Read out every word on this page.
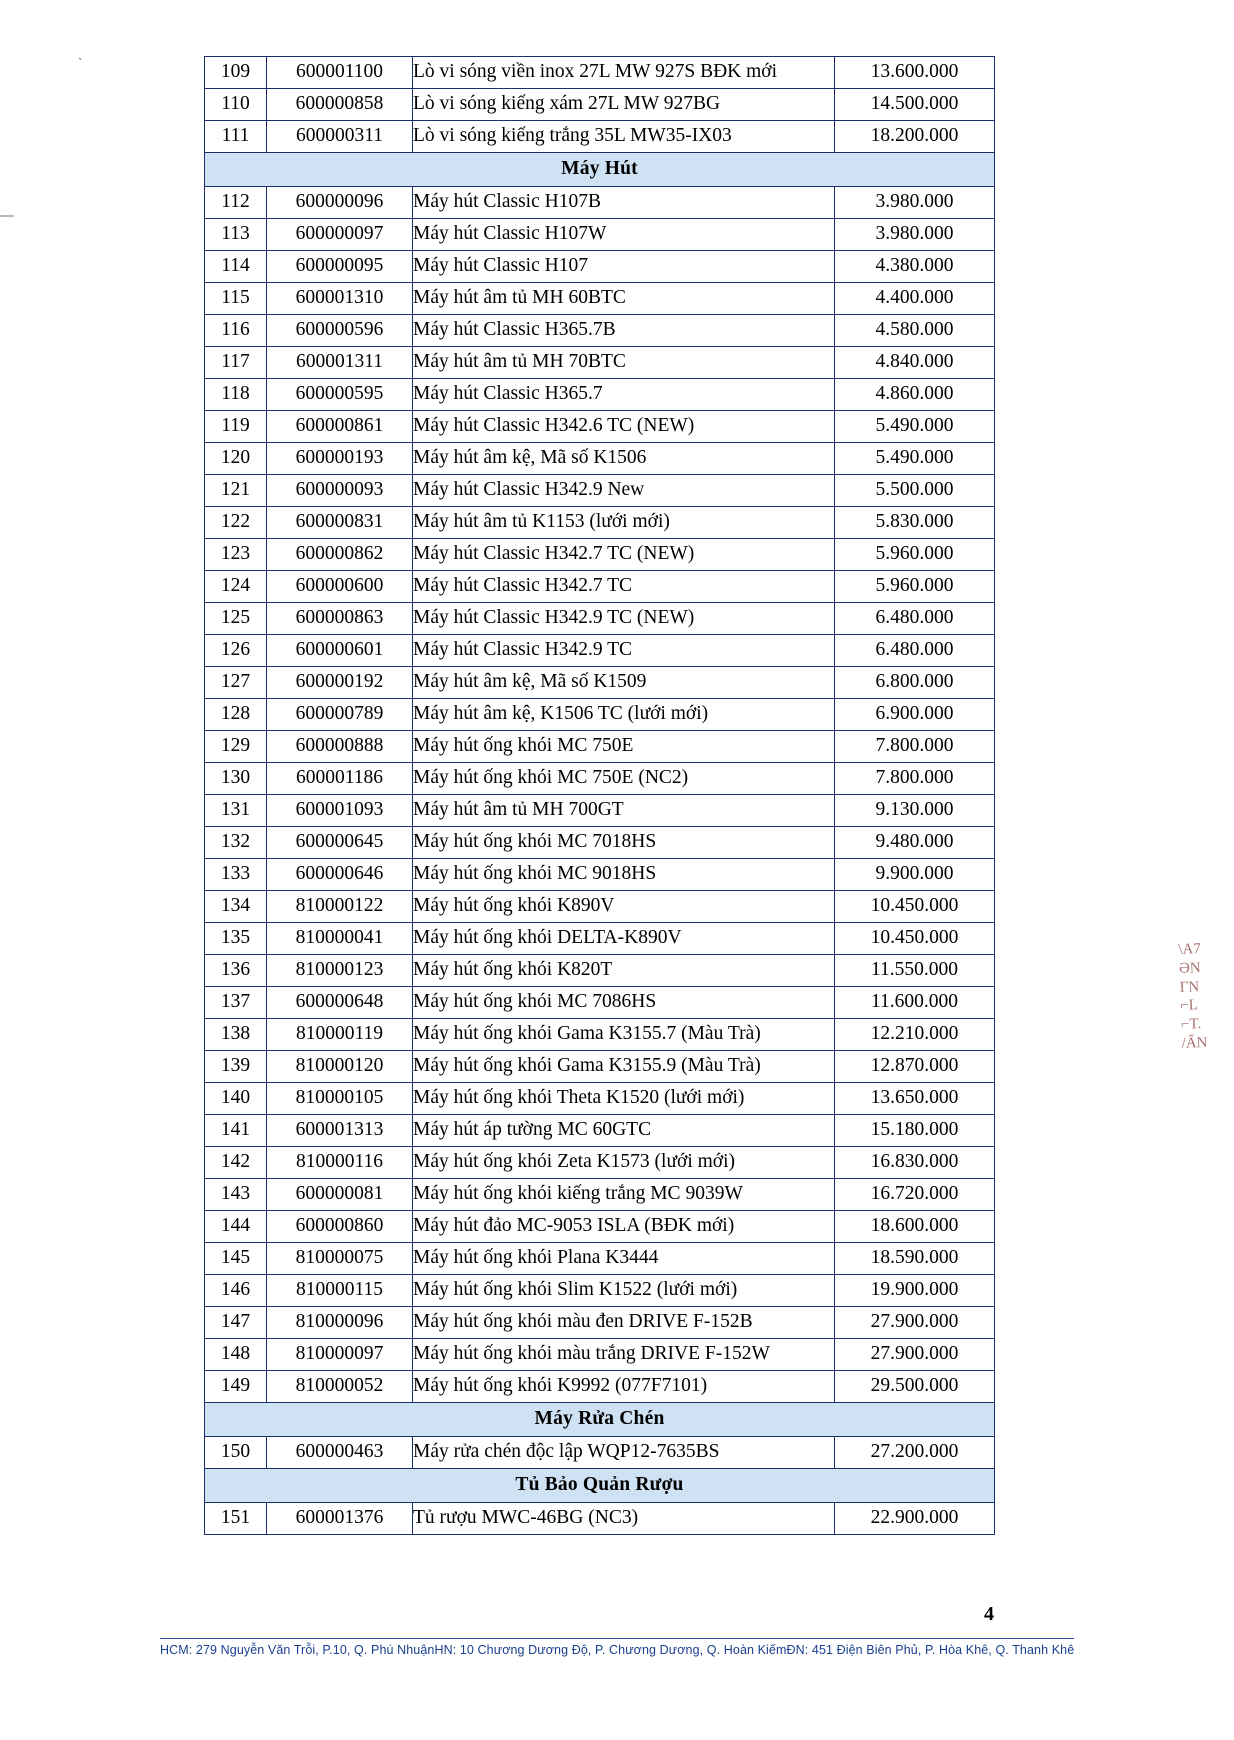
`	109	600001100	Lò vi sóng viền inox 27L MW 927S BĐK mới	13.600.000
110	600000858	Lò vi sóng kiếng xám 27L MW 927BG	14.500.000
111	600000311	Lò vi sóng kiếng trắng 35L MW35-IX03	18.200.000
Máy Hút			
112	600000096	Máy hút Classic H107B	3.980.000
113	600000097	Máy hút Classic H107W	3.980.000
114	600000095	Máy hút Classic H107	4.380.000
115	600001310	Máy hút âm tủ MH 60BTC	4.400.000
116	600000596	Máy hút Classic H365.7B	4.580.000
117	600001311	Máy hút âm tủ MH 70BTC	4.840.000
118	600000595	Máy hút Classic H365.7	4.860.000
119	600000861	Máy hút Classic H342.6 TC (NEW)	5.490.000
120	600000193	Máy hút âm kệ, Mã số K1506	5.490.000
121	600000093	Máy hút Classic H342.9 New	5.500.000
122	600000831	Máy hút âm tủ K1153 (lưới mới)	5.830.000
123	600000862	Máy hút Classic H342.7 TC (NEW)	5.960.000
124	600000600	Máy hút Classic H342.7 TC	5.960.000
125	600000863	Máy hút Classic H342.9 TC (NEW)	6.480.000
126	600000601	Máy hút Classic H342.9 TC	6.480.000
127	600000192	Máy hút âm kệ, Mã số K1509	6.800.000
128	600000789	Máy hút âm kệ, K1506 TC (lưới mới)	6.900.000
129	600000888	Máy hút ống khói MC 750E	7.800.000
130	600001186	Máy hút ống khói MC 750E (NC2)	7.800.000
131	600001093	Máy hút âm tủ MH 700GT	9.130.000
132	600000645	Máy hút ống khói MC 7018HS	9.480.000
133	600000646	Máy hút ống khói MC 9018HS	9.900.000
134	810000122	Máy hút ống khói K890V	10.450.000
135	810000041	Máy hút ống khói DELTA-K890V	10.450.000
136	810000123	Máy hút ống khói K820T	11.550.000
137	600000648	Máy hút ống khói MC 7086HS	11.600.000
138	810000119	Máy hút ống khói Gama K3155.7 (Màu Trà)	12.210.000
139	810000120	Máy hút ống khói Gama K3155.9 (Màu Trà)	12.870.000
140	810000105	Máy hút ống khói Theta K1520 (lưới mới)	13.650.000
141	600001313	Máy hút áp tường MC 60GTC	15.180.000
142	810000116	Máy hút ống khói Zeta K1573 (lưới mới)	16.830.000
143	600000081	Máy hút ống khói kiếng trắng MC 9039W	16.720.000
144	600000860	Máy hút đảo MC-9053 ISLA (BĐK mới)	18.600.000
145	810000075	Máy hút ống khói Plana K3444	18.590.000
146	810000115	Máy hút ống khói Slim K1522 (lưới mới)	19.900.000
147	810000096	Máy hút ống khói màu đen DRIVE F-152B	27.900.000
148	810000097	Máy hút ống khói màu trắng DRIVE F-152W	27.900.000
149	810000052	Máy hút ống khói K9992 (077F7101)	29.500.000
Máy Rửa Chén			
150	600000463	Máy rửa chén độc lập WQP12-7635BS	27.200.000
Tủ Bảo Quản Rượu			
151	600001376	Tủ rượu MWC-46BG (NC3)	22.900.000
\A7
ƏN
ΓΝ
⌐L
⌐T.
/ẤN
4
HCM: 279 Nguyễn Văn Trỗi, P.10, Q. Phú Nhuận HN: 10 Chương Dương Độ, P. Chương Dương, Q. Hoàn Kiếm ĐN: 451 Điện Biên Phủ, P. Hòa Khê, Q. Thanh Khê
